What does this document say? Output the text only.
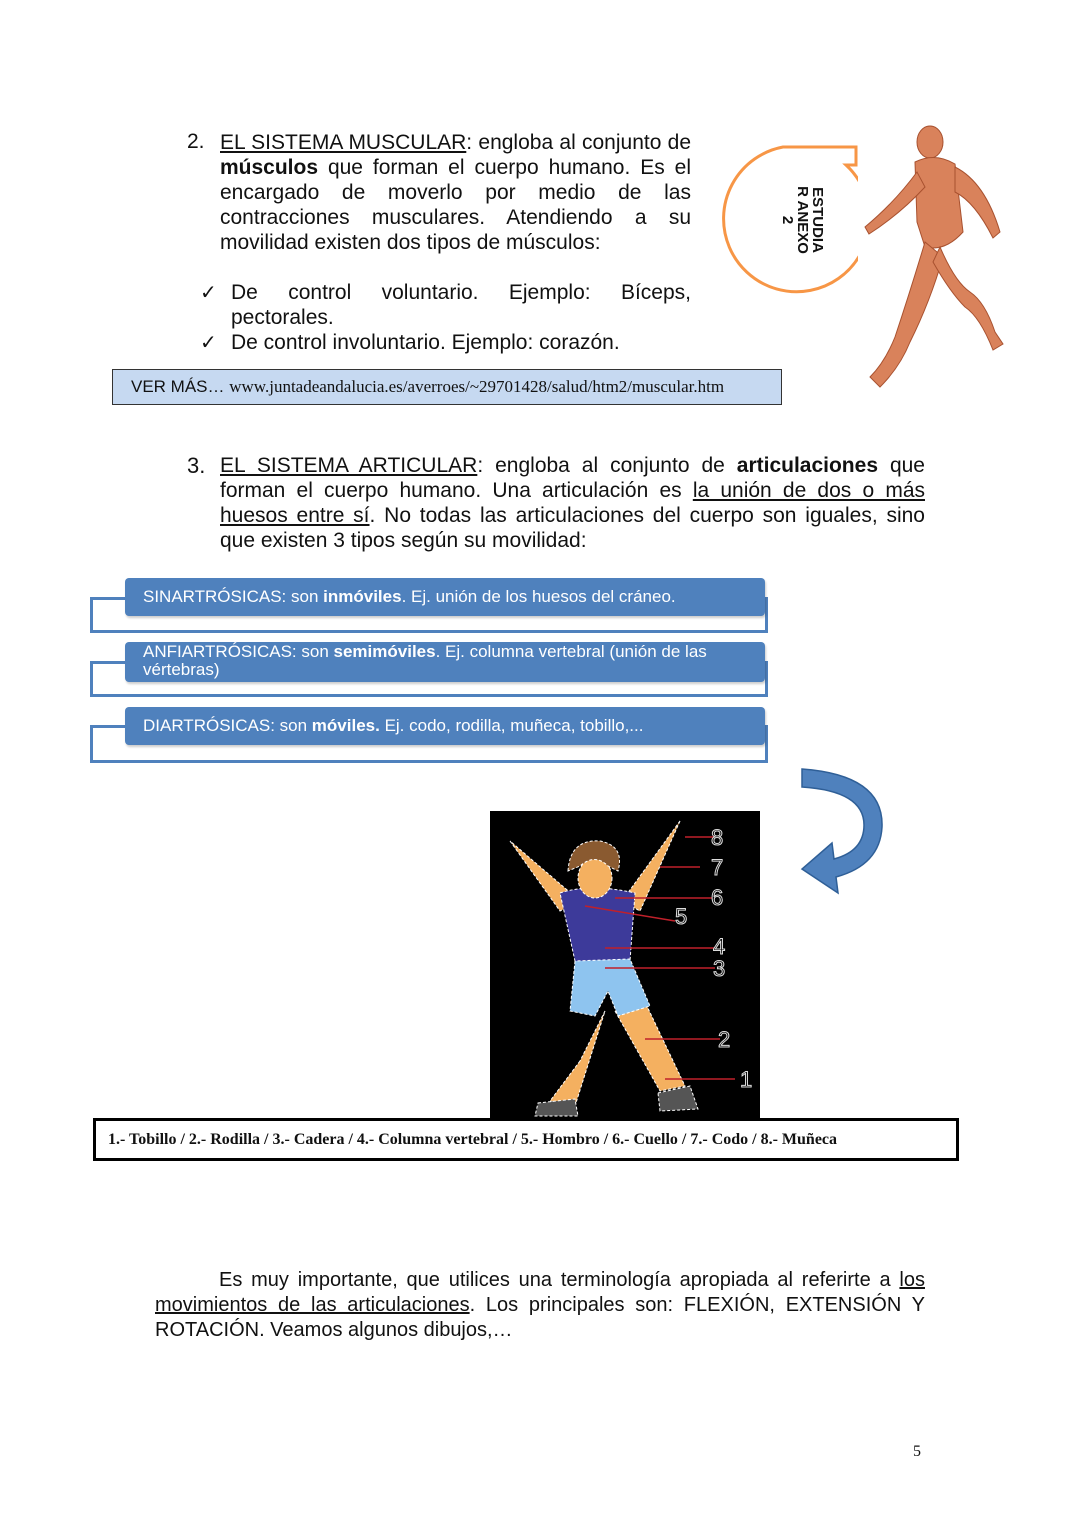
2. EL SISTEMA MUSCULAR: engloba al conjunto de músculos que forman el cuerpo humano. Es el encargado de moverlo por medio de las contracciones musculares. Atendiendo a su movilidad existen dos tipos de músculos:
✓ De control voluntario. Ejemplo: Bíceps, pectorales.
✓ De control involuntario. Ejemplo: corazón.
ESTUDIA
R ANEXO
2
VER MÁS… www.juntadeandalucia.es/averroes/~29701428/salud/htm2/muscular.htm
3. EL SISTEMA ARTICULAR: engloba al conjunto de articulaciones que forman el cuerpo humano. Una articulación es la unión de dos o más huesos entre sí. No todas las articulaciones del cuerpo son iguales, sino que existen 3 tipos según su movilidad:
SINARTRÓSICAS: son inmóviles. Ej. unión de los huesos del cráneo.
ANFIARTRÓSICAS: son semimóviles. Ej. columna vertebral (unión de las vértebras)
DIARTRÓSICAS: son móviles. Ej. codo, rodilla, muñeca, tobillo,...
8
7
6
5
4
3
2
1
1.- Tobillo / 2.- Rodilla / 3.- Cadera / 4.- Columna vertebral / 5.- Hombro / 6.- Cuello / 7.- Codo / 8.- Muñeca
Es muy importante, que utilices una terminología apropiada al referirte a los movimientos de las articulaciones. Los principales son: FLEXIÓN, EXTENSIÓN Y ROTACIÓN. Veamos algunos dibujos,…
5
